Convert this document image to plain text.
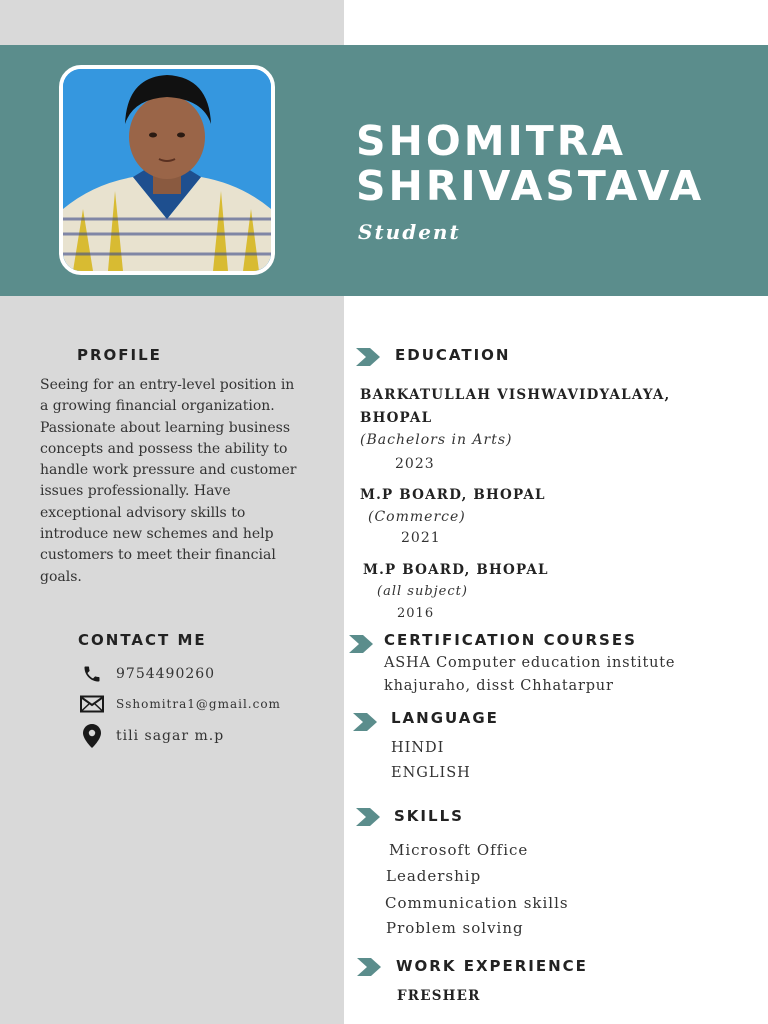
SHOMITRA
SHRIVASTAVA
Student
PROFILE
Seeing for an entry-level position in a growing financial organization. Passionate about learning business concepts and possess the ability to handle work pressure and customer issues professionally. Have exceptional advisory skills to introduce new schemes and help customers to meet their financial goals.
CONTACT ME
9754490260
Sshomitra1@gmail.com
tili sagar m.p
EDUCATION
BARKATULLAH VISHWAVIDYALAYA, BHOPAL
(Bachelors in Arts)
2023
M.P BOARD, BHOPAL
(Commerce)
2021
M.P BOARD, BHOPAL
(all subject)
2016
CERTIFICATION COURSES
ASHA Computer education institute khajuraho, disst Chhatarpur
LANGUAGE
HINDI
ENGLISH
SKILLS
Microsoft Office
Leadership
Communication skills
Problem solving
WORK EXPERIENCE
FRESHER
